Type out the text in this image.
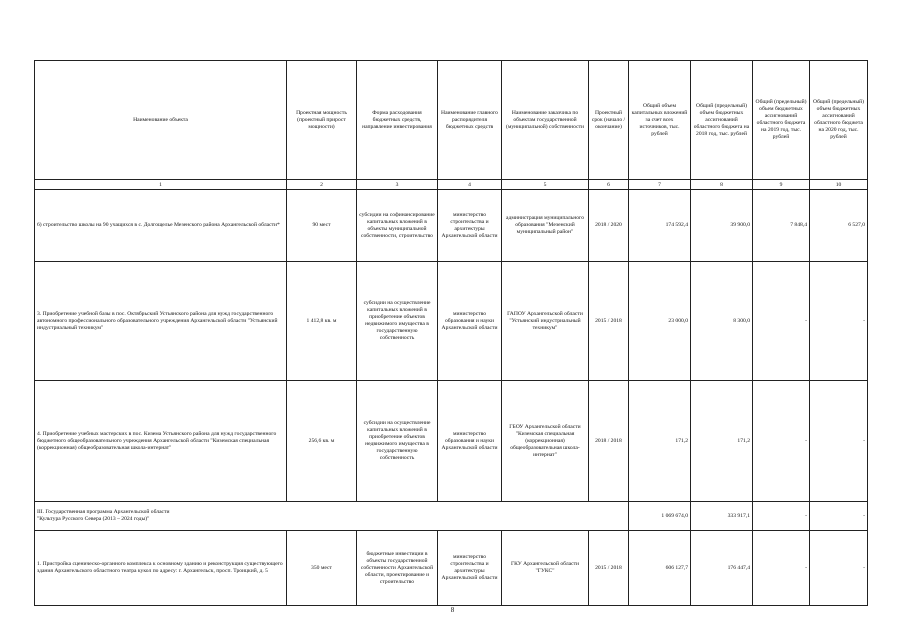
Наименование объекта	Проектная мощность (проектный прирост мощности)	Форма расходования бюджетных средств, направление инвестирования	Наименование главного распорядителя бюджетных средств	Наименование заказчика по объектам государственной (муниципальной) собственности	Проектный срок (начало / окончание)	Общий объем капитальных вложений за счет всех источников, тыс. рублей	Общий (предельный) объем бюджетных ассигнований областного бюджета на 2018 год, тыс. рублей	Общий (предельный) объем бюджетных ассигнований областного бюджета на 2019 год, тыс. рублей	Общий (предельный) объем бюджетных ассигнований областного бюджета на 2020 год, тыс. рублей
1	2	3	4	5	6	7	8	9	10
6) строительство школы на 90 учащихся в с. Долгощелье Мезенского района Архангельской области*	90 мест	субсидии на софинансирование капитальных вложений в объекты муниципальной собственности, строительство	министерство строительства и архитектуры Архангельской области	администрация муниципального образования "Мезенский муниципальный район"	2018 / 2020	174 592,4	39 900,0	7 848,4	6 527,0
3. Приобретение учебной базы в пос. Октябрьский Устьянского района для нужд государственного автономного профессионального образовательного учреждения Архангельской области "Устьянский индустриальный техникум"	1 412,8 кв. м	субсидии на осуществление капитальных вложений в приобретение объектов недвижимого имущества в государственную собственность	министерство образования и науки Архангельской области	ГАПОУ Архангельской области "Устьянский индустриальный техникум"	2015 / 2018	23 000,0	8 300,0	-	-
4. Приобретение учебных мастерских в пос. Кизема Устьянского района для нужд государственного бюджетного общеобразовательного учреждения Архангельской области "Киземская специальная (коррекционная) общеобразовательная школа-интернат"	256,6 кв. м	субсидии на осуществление капитальных вложений в приобретение объектов недвижимого имущества в государственную собственность	министерство образования и науки Архангельской области	ГБОУ Архангельской области "Киземская специальная (коррекционная) общеобразовательная школа-интернат"	2018 / 2018	171,2	171,2	-	-
III. Государственная программа Архангельской области
"Культура Русского Севера (2013 – 2024 годы)"						1 069 674,0	333 917,1	-	-
1. Пристройка сценическо-органного комплекса к основному зданию и реконструкция существующего здания Архангельского областного театра кукол по адресу: г. Архангельск, просп. Троицкий, д. 5	350 мест	бюджетные инвестиции в объекты государственной собственности Архангельской области, проектирование и строительство	министерство строительства и архитектуры Архангельской области	ГКУ Архангельской области "ГУКС"	2015 / 2018	606 127,7	176 447,4	-	-
8
